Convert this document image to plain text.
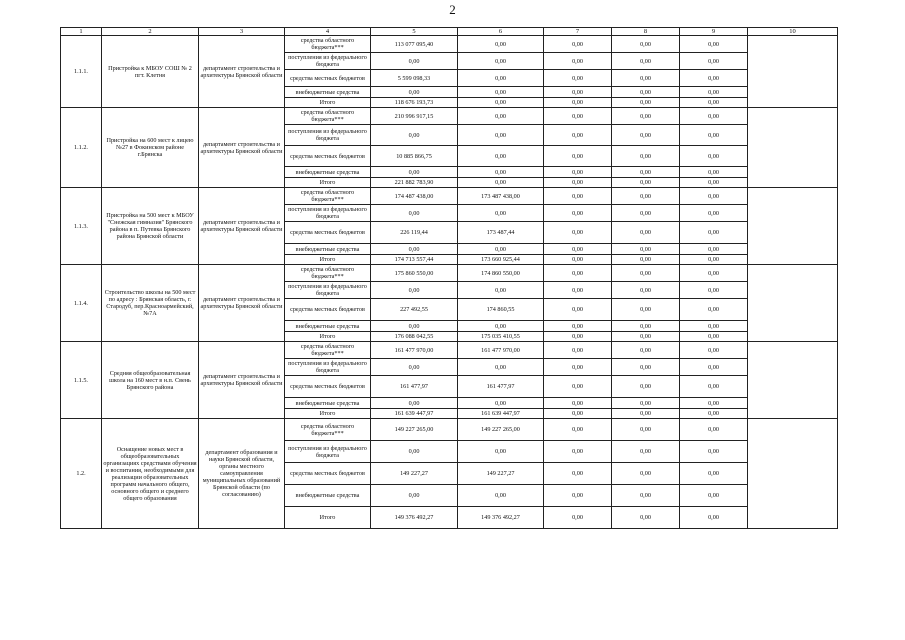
2
1	2	3	4	5	6	7	8	9	10
1.1.1.	Пристройка к МБОУ СОШ № 2 пгт. Клетня	департамент строительства и архитектуры Брянской области	средства областного бюджета***	113 077 095,40	0,00	0,00	0,00	0,00	
			поступления из федерального бюджета	0,00	0,00	0,00	0,00	0,00	
			средства местных бюджетов	5 599 098,33	0,00	0,00	0,00	0,00	
			внебюджетные средства	0,00	0,00	0,00	0,00	0,00	
			Итого	118 676 193,73	0,00	0,00	0,00	0,00	
1.1.2.	Пристройка на 600 мест к лицею №27 в Фокинском районе г.Брянска	департамент строительства и архитектуры Брянской области	средства областного бюджета***	210 996 917,15	0,00	0,00	0,00	0,00	
			поступления из федерального бюджета	0,00	0,00	0,00	0,00	0,00	
			средства местных бюджетов	10 885 866,75	0,00	0,00	0,00	0,00	
			внебюджетные средства	0,00	0,00	0,00	0,00	0,00	
			Итого	221 882 783,90	0,00	0,00	0,00	0,00	
1.1.3.	Пристройка на 500 мест к МБОУ "Снежская гимназия" Брянского района в п. Путевка Брянского района Брянской области	департамент строительства и архитектуры Брянской области	средства областного бюджета***	174 487 438,00	173 487 438,00	0,00	0,00	0,00	
			поступления из федерального бюджета	0,00	0,00	0,00	0,00	0,00	
			средства местных бюджетов	226 119,44	173 487,44	0,00	0,00	0,00	
			внебюджетные средства	0,00	0,00	0,00	0,00	0,00	
			Итого	174 713 557,44	173 660 925,44	0,00	0,00	0,00	
1.1.4.	Строительство школы на 500 мест по адресу : Брянская область, г. Стародуб, пер.Красноармейский,№7А	департамент строительства и архитектуры Брянской области	средства областного бюджета***	175 860 550,00	174 860 550,00	0,00	0,00	0,00	
			поступления из федерального бюджета	0,00	0,00	0,00	0,00	0,00	
			средства местных бюджетов	227 492,55	174 860,55	0,00	0,00	0,00	
			внебюджетные средства	0,00	0,00	0,00	0,00	0,00	
			Итого	176 088 042,55	175 035 410,55	0,00	0,00	0,00	
1.1.5.	Средняя общеобразовательная школа на 160 мест в н.п. Свень Брянского района	департамент строительства и архитектуры Брянской области	средства областного бюджета***	161 477 970,00	161 477 970,00	0,00	0,00	0,00	
			поступления из федерального бюджета	0,00	0,00	0,00	0,00	0,00	
			средства местных бюджетов	161 477,97	161 477,97	0,00	0,00	0,00	
			внебюджетные средства	0,00	0,00	0,00	0,00	0,00	
			Итого	161 639 447,97	161 639 447,97	0,00	0,00	0,00	
1.2.	Оснащение новых мест в общеобразовательных организациях средствами обучения и воспитания, необходимыми для реализации образовательных программ начального общего, основного общего и среднего общего образования	департамент образования и науки Брянской области, органы местного самоуправления муниципальных образований Брянской области (по согласованию)	средства областного бюджета***	149 227 265,00	149 227 265,00	0,00	0,00	0,00	
			поступления из федерального бюджета	0,00	0,00	0,00	0,00	0,00	
			средства местных бюджетов	149 227,27	149 227,27	0,00	0,00	0,00	
			внебюджетные средства	0,00	0,00	0,00	0,00	0,00	
			Итого	149 376 492,27	149 376 492,27	0,00	0,00	0,00	
